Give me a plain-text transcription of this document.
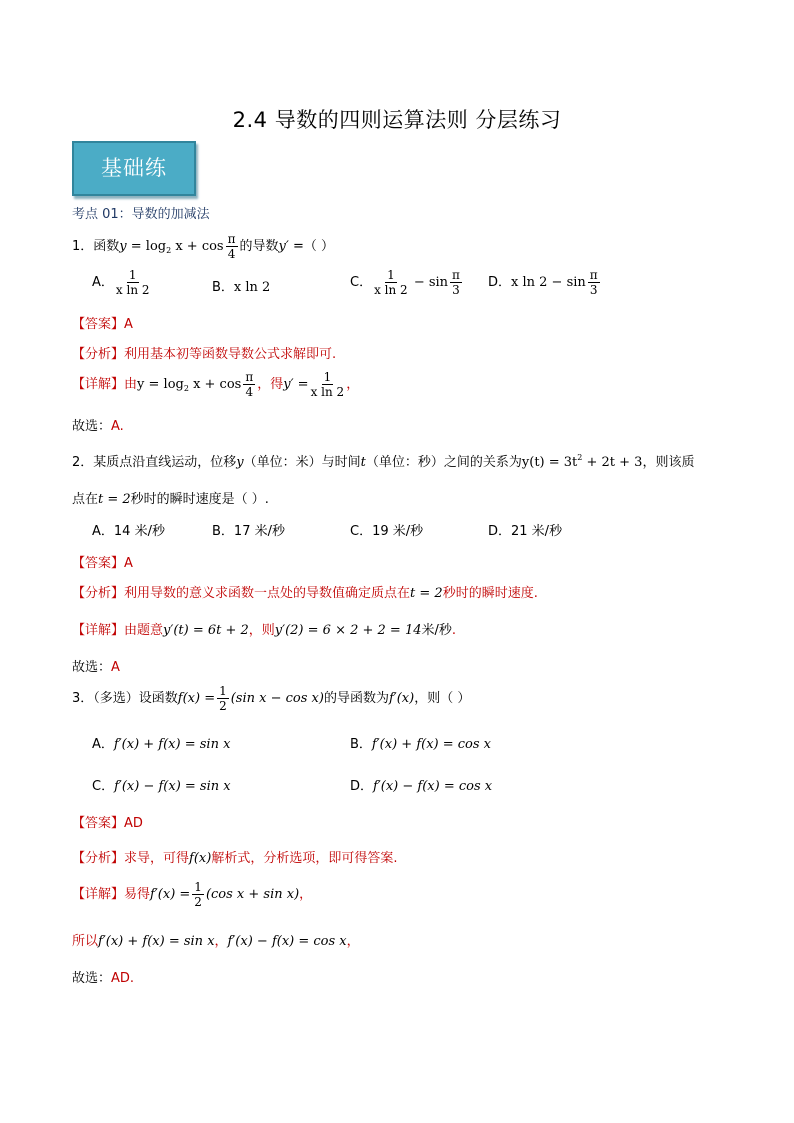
2.4 导数的四则运算法则 分层练习
基础练
考点 01：导数的加减法
1．函数$y = \log_2 x + \cos \frac{\pi}{4}$ 的导数y′ =（ ）
A． $\frac{1}{\text{x ln 2}}$	B．x ln 2	C． $\frac{1}{\text{x ln 2}} - \sin \frac{\pi}{3}$ D．x $\ln 2 - \sin \frac{\pi}{3}$
【答案】A
【分析】利用基本初等函数导数公式求解即可.
【详解】由$y = \log_2 x + \cos \frac{\pi}{4}$ ，得$y' = \frac{1}{\text{x ln 2}}$ ，
故选：A.
2．某质点沿直线运动，位移y（单位：米）与时间t（单位：秒）之间的关系为$y(t) = 3t^2 + 2t + 3$，则该质
点在t = 2秒时的瞬时速度是（ ）.
A．14 米/秒	B．17 米/秒	C．19 米/秒	D．21 米/秒
【答案】A
【分析】利用导数的意义求函数一点处的导数值确定质点在t = 2秒时的瞬时速度.
【详解】由题意y′(t) = 6t + 2，则y′(2) = 6 × 2 + 2 = 14米/秒.
故选：A
3．（多选）设函数$f(x) = \frac{1}{2} (\sin$ x − cos x)的导函数为f′(x)，则（ ）
A．f′(x) + f(x) = sin x	B．f′(x) + f(x) = cos x
C．f′(x) − f(x) = sin x	D．f′(x) − f(x) = cos x
【答案】AD
【分析】求导，可得f(x)解析式，分析选项，即可得答案.
【详解】易得$f'(x) = \frac{1}{2} (\cos$ x + sin x)，
所以f′(x) + f(x) = sin x，f′(x) − f(x) = cos x，
故选：AD.
